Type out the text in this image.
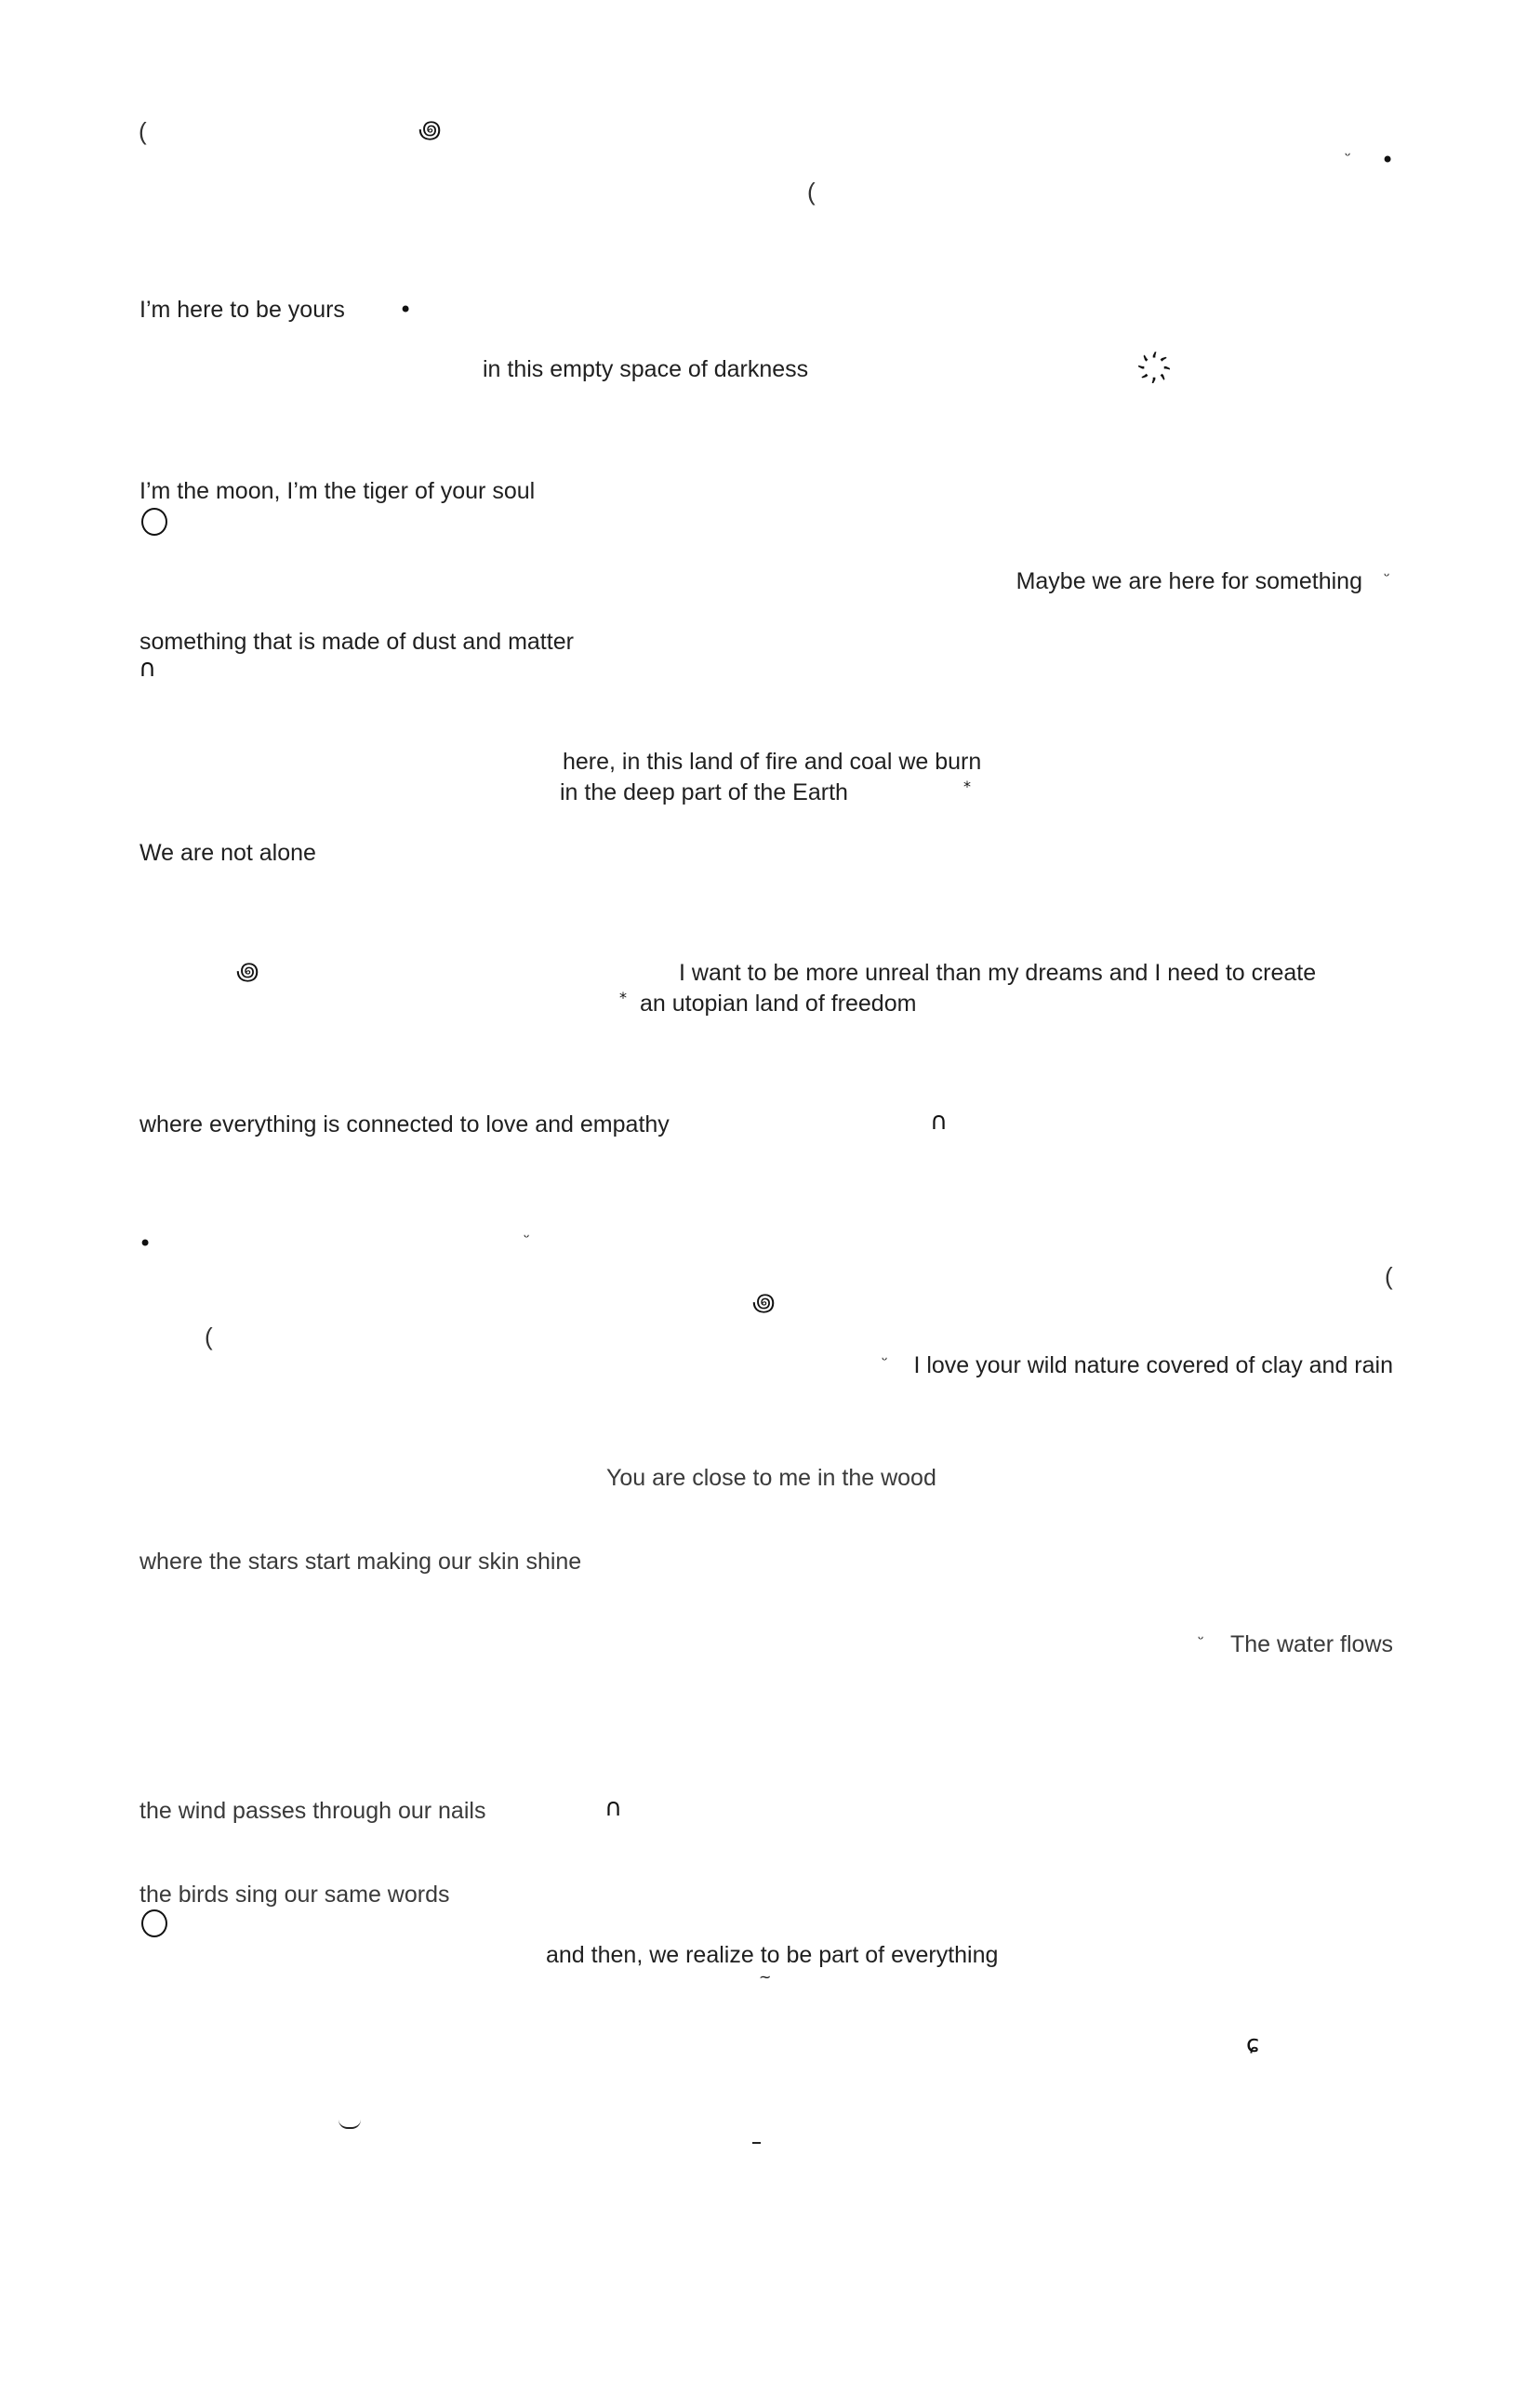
I’m here to be yours
in this empty space of darkness
I’m the moon, I’m the tiger of your soul
Maybe we are here for something
something that is made of dust and matter
here, in this land of fire and coal we burn
in the deep part of the Earth
We are not alone
I want to be more unreal than my dreams and I need to create
an utopian land of freedom
where everything is connected to love and empathy
I love your wild nature covered of clay and rain
You are close to me in the wood
where the stars start making our skin shine
The water flows
the wind passes through our nails
the birds sing our same words
and then, we realize to be part of everything
(
(
(
(
꩜
҉
꩜
꩜
•
•
•
ᵕ
ᵕ
ᵕ
ᵕ
ᵕ
∩
∩
∩
*
*
~
ɕ
